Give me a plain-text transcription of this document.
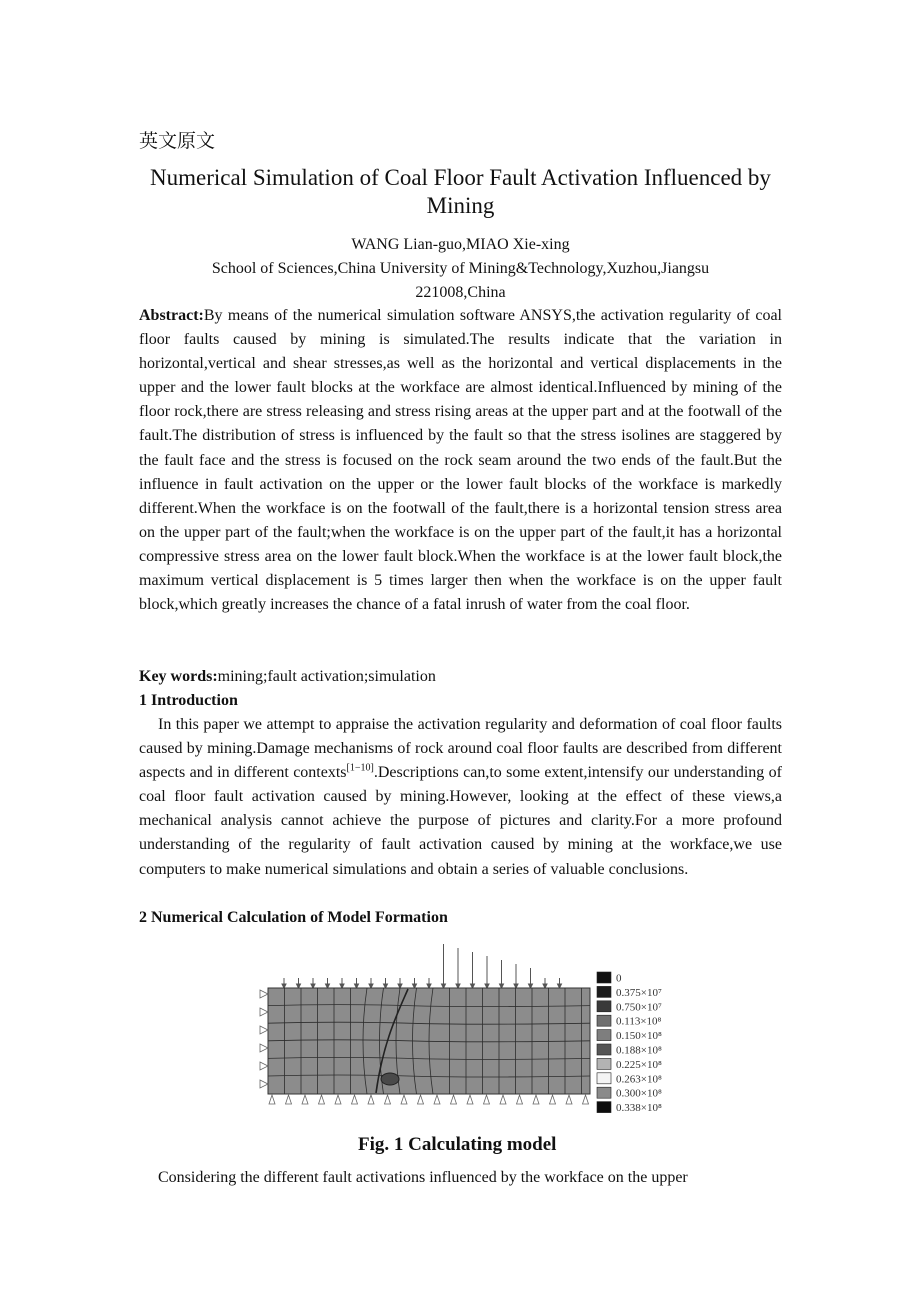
英文原文
Numerical Simulation of Coal Floor Fault Activation Influenced by
Mining
WANG Lian-guo,MIAO Xie-xing
School of Sciences,China University of Mining&Technology,Xuzhou,Jiangsu
221008,China
Abstract:By means of the numerical simulation software ANSYS,the activation regularity of coal floor faults caused by mining is simulated.The results indicate that the variation in horizontal,vertical and shear stresses,as well as the horizontal and vertical displacements in the upper and the lower fault blocks at the workface are almost identical.Influenced by mining of the floor rock,there are stress releasing and stress rising areas at the upper part and at the footwall of the fault.The distribution of stress is influenced by the fault so that the stress isolines are staggered by the fault face and the stress is focused on the rock seam around the two ends of the fault.But the influence in fault activation on the upper or the lower fault blocks of the workface is markedly different.When the workface is on the footwall of the fault,there is a horizontal tension stress area on the upper part of the fault;when the workface is on the upper part of the fault,it has a horizontal compressive stress area on the lower fault block.When the workface is at the lower fault block,the maximum vertical displacement is 5 times larger then when the workface is on the upper fault block,which greatly increases the chance of a fatal inrush of water from the coal floor.
Key words:mining;fault activation;simulation
1 Introduction
In this paper we attempt to appraise the activation regularity and deformation of coal floor faults caused by mining.Damage mechanisms of rock around coal floor faults are described from different aspects and in different contexts[1−10].Descriptions can,to some extent,intensify our understanding of coal floor fault activation caused by mining.However, looking at the effect of these views,a mechanical analysis cannot achieve the purpose of pictures and clarity.For a more profound understanding of the regularity of fault activation caused by mining at the workface,we use computers to make numerical simulations and obtain a series of valuable conclusions.
2 Numerical Calculation of Model Formation
Considering the different fault activations influenced by the workface on the upper
0
0.375×10⁷
0.750×10⁷
0.113×10⁸
0.150×10⁸
0.188×10⁸
0.225×10⁸
0.263×10⁸
0.300×10⁸
0.338×10⁸
Fig. 1 Calculating model
